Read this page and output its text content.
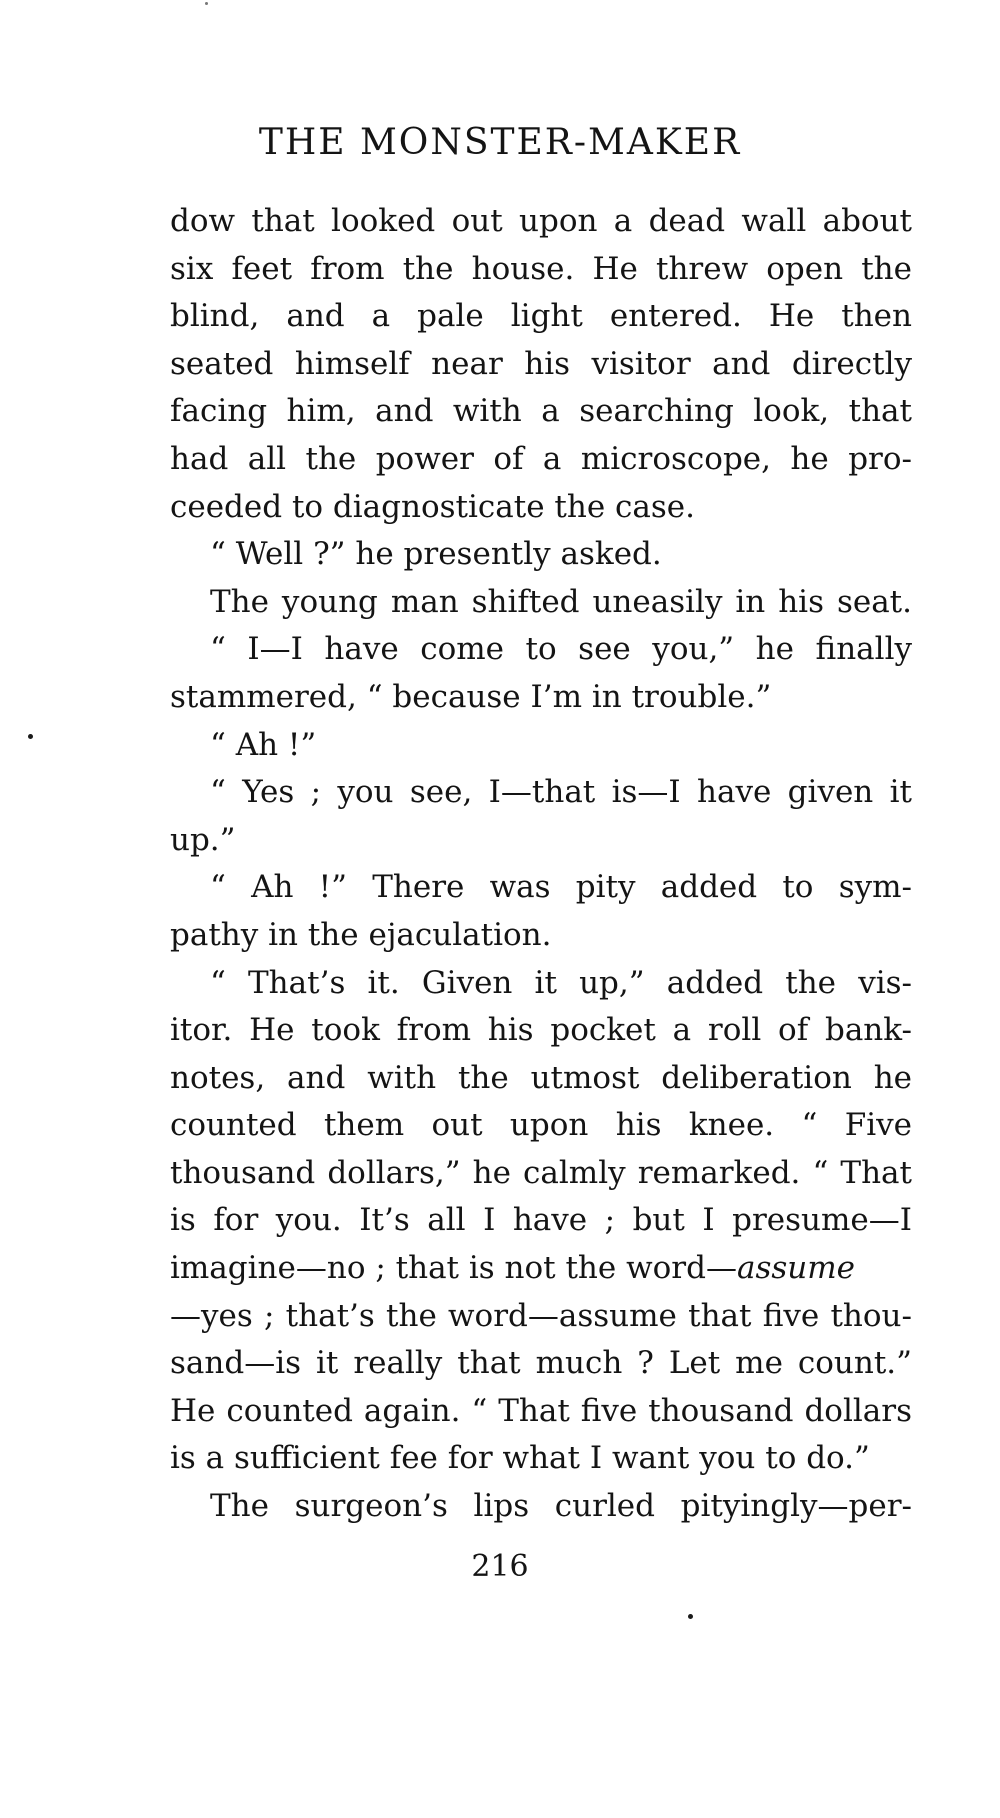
THE MONSTER-MAKER
dow that looked out upon a dead wall about
six feet from the house. He threw open the
blind, and a pale light entered. He then
seated himself near his visitor and directly
facing him, and with a searching look, that
had all the power of a microscope, he pro-
ceeded to diagnosticate the case.
“ Well ?” he presently asked.
The young man shifted uneasily in his seat.
“ I—I have come to see you,” he finally
stammered, “ because I’m in trouble.”
“ Ah !”
“ Yes ; you see, I—that is—I have given it
up.”
“ Ah !” There was pity added to sym-
pathy in the ejaculation.
“ That’s it. Given it up,” added the vis-
itor. He took from his pocket a roll of bank-
notes, and with the utmost deliberation he
counted them out upon his knee. “ Five
thousand dollars,” he calmly remarked. “ That
is for you. It’s all I have ; but I presume—I
imagine—no ; that is not the word—assume
—yes ; that’s the word—assume that five thou-
sand—is it really that much ? Let me count.”
He counted again. “ That five thousand dollars
is a sufficient fee for what I want you to do.”
The surgeon’s lips curled pityingly—per-
216
